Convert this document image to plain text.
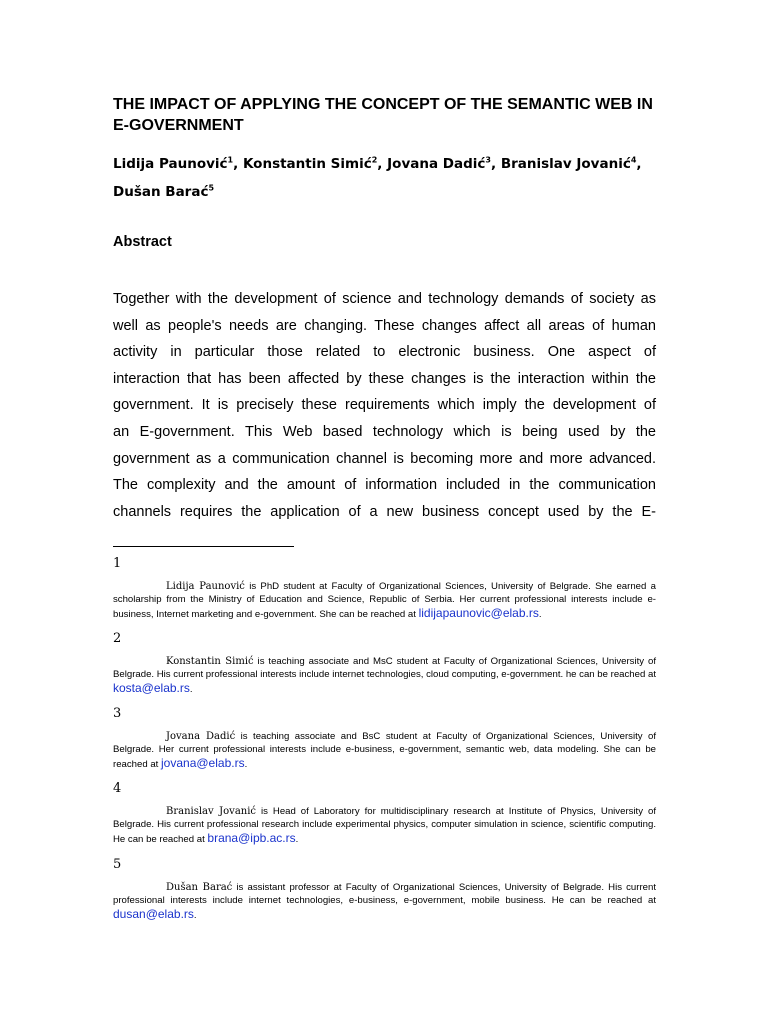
THE IMPACT OF APPLYING THE CONCEPT OF THE SEMANTIC WEB IN E-GOVERNMENT
Lidija Paunović$^1$, Konstantin Simić$^2$, Jovana Dadić$^3$, Branislav Jovanić$^4$,
Dušan Barać$^5$
Abstract

Together with the development of science and technology demands of society as
well as people's needs are changing. These changes affect all areas of human
activity in particular those related to electronic business. One aspect of
interaction that has been affected by these changes is the interaction within the
government. It is precisely these requirements which imply the development of
an E-government. This Web based technology which is being used by the
government as a communication channel is becoming more and more advanced.
The complexity and the amount of information included in the communication
channels requires the application of a new business concept used by the E-

1
Lidija Paunović is PhD student at Faculty of Organizational Sciences, University of Belgrade. She earned a scholarship from the Ministry of Education and Science, Republic of Serbia. Her current professional interests include e-business, Internet marketing and e-government. She can be reached at lidijapaunovic@elab.rs.
2
Konstantin Simić is teaching associate and MsC student at Faculty of Organizational Sciences, University of Belgrade. His current professional interests include internet technologies, cloud computing, e-government. he can be reached at kosta@elab.rs.
3
Jovana Dadić is teaching associate and BsC student at Faculty of Organizational Sciences, University of Belgrade. Her current professional interests include e-business, e-government, semantic web, data modeling. She can be reached at jovana@elab.rs.
4
Branislav Jovanić is Head of Laboratory for multidisciplinary research at Institute of Physics, University of Belgrade. His current professional research include experimental physics, computer simulation in science, scientific computing. He can be reached at brana@ipb.ac.rs.
5
Dušan Barać is assistant professor at Faculty of Organizational Sciences, University of Belgrade. His current professional interests include internet technologies, e-business, e-government, mobile business. He can be reached at dusan@elab.rs.
